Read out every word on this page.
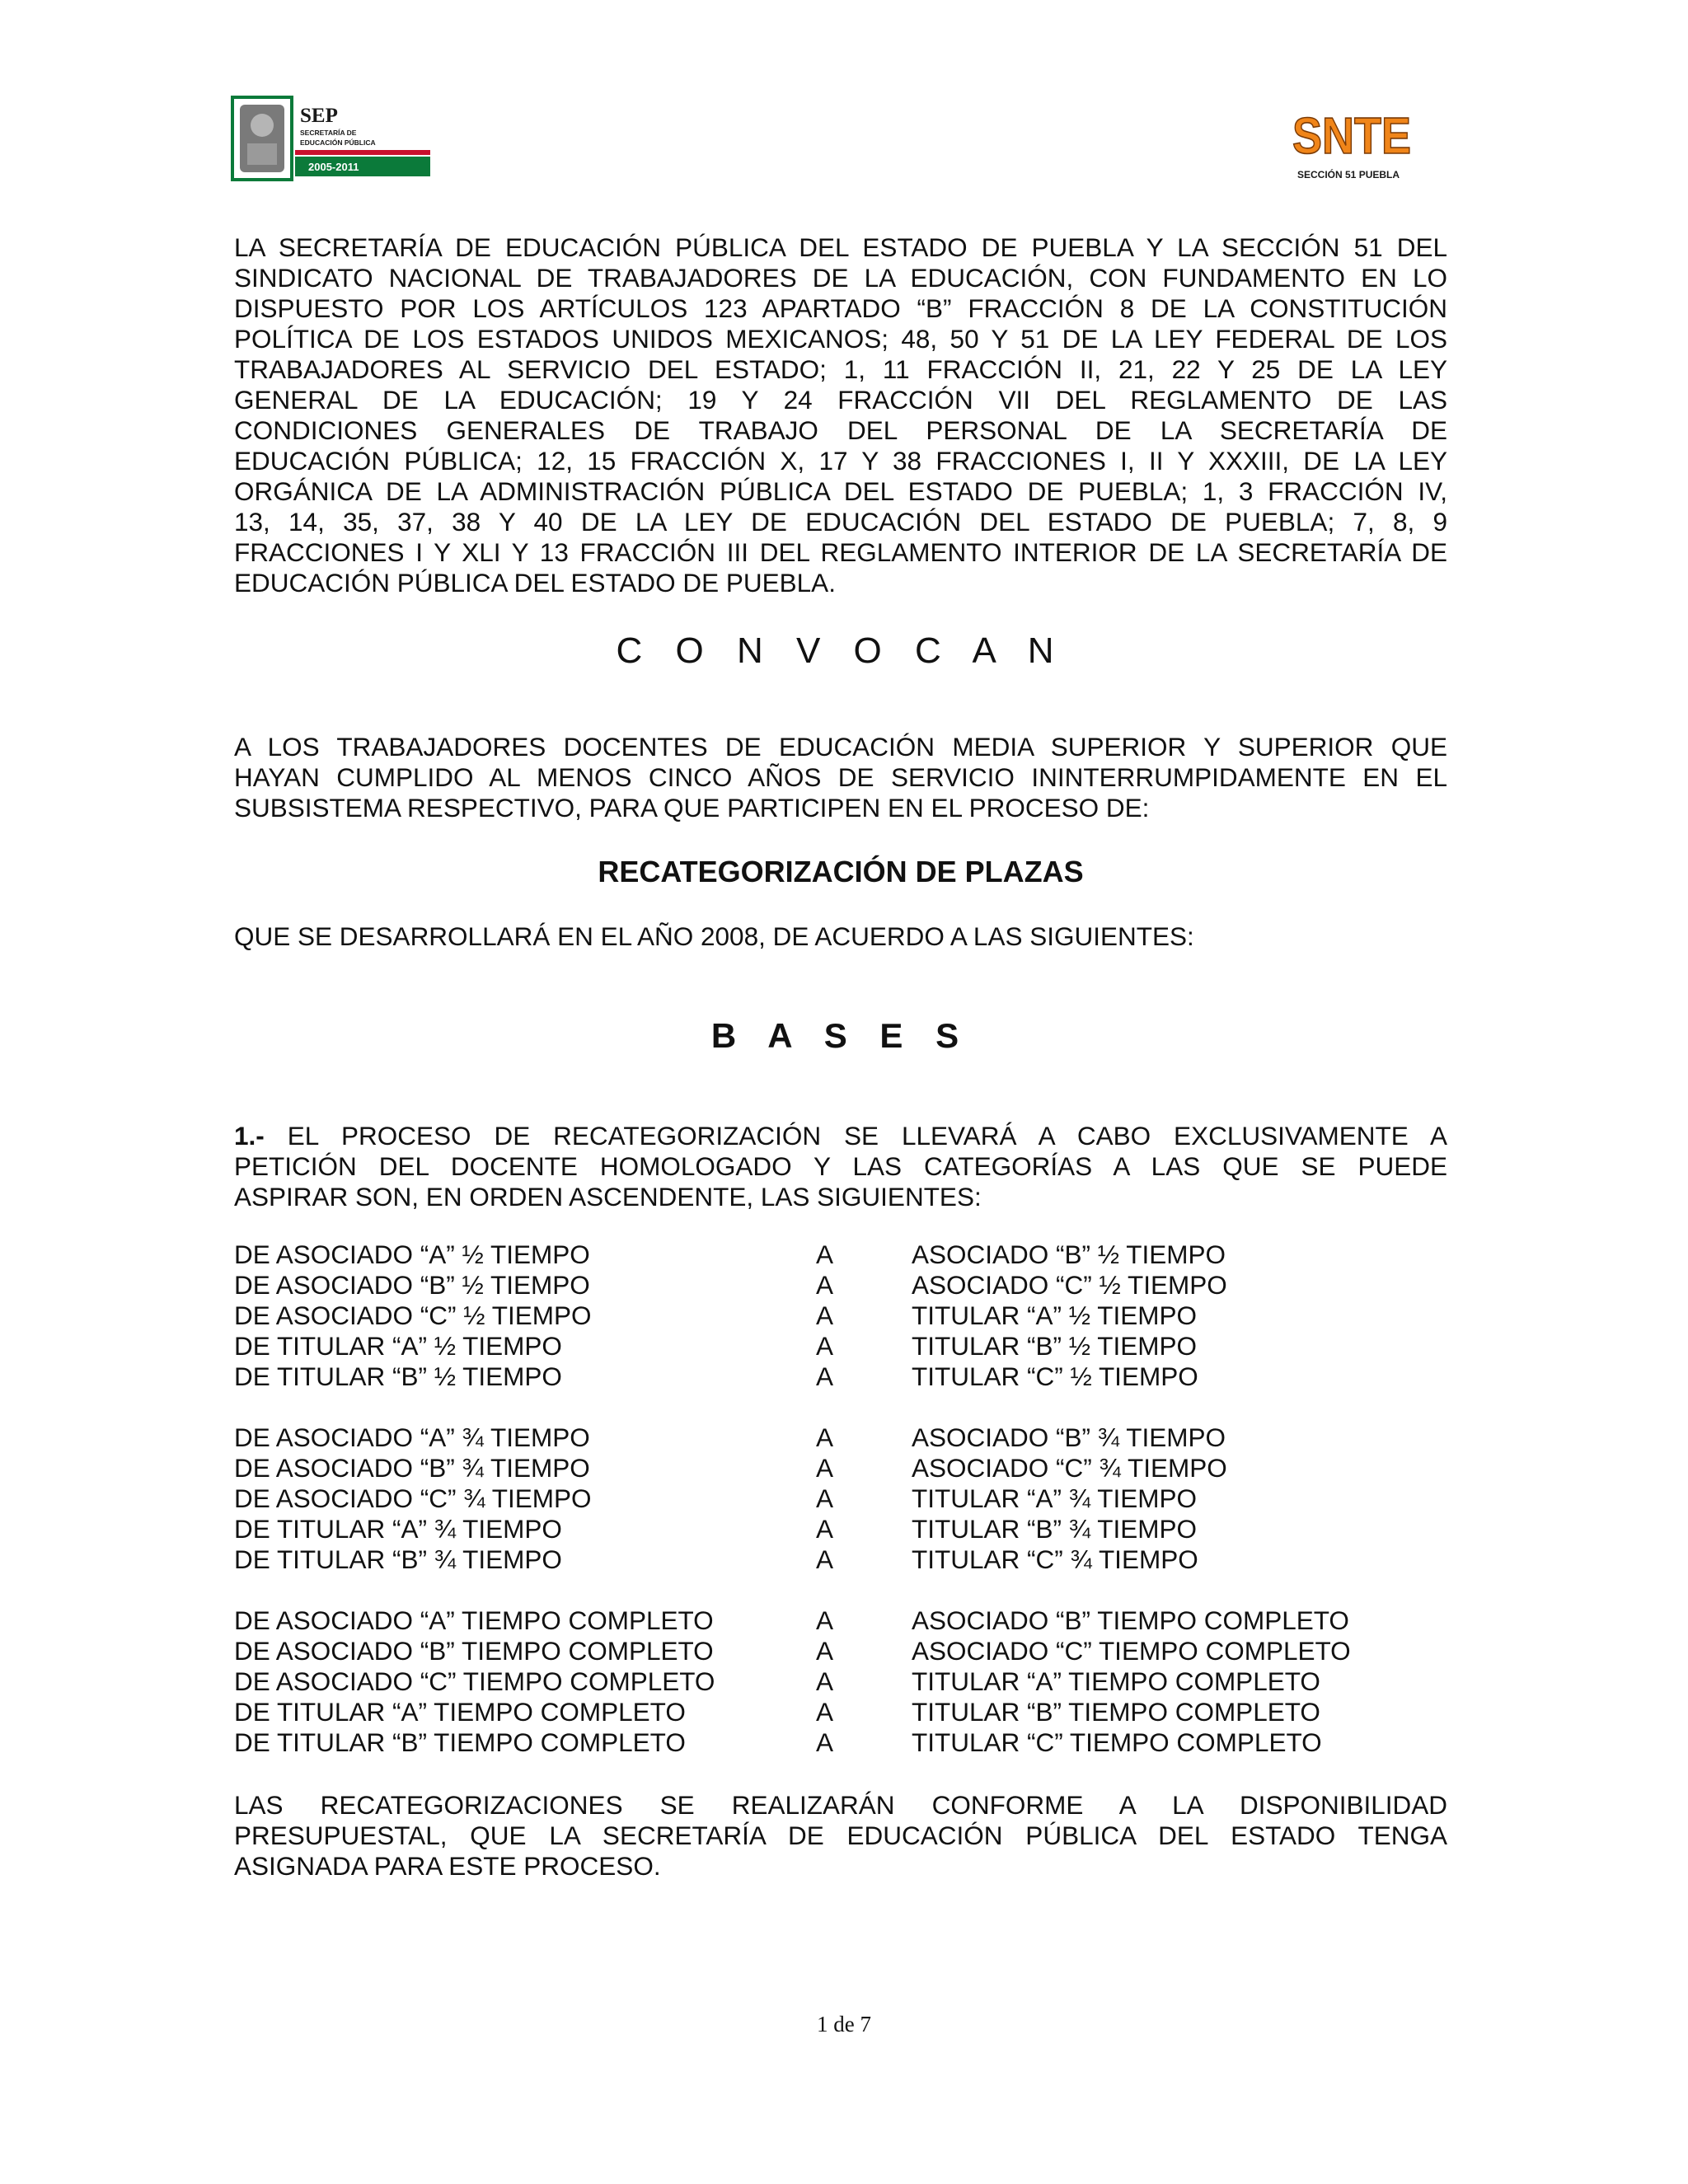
SEP
SECRETARÍA DE
EDUCACIÓN PÚBLICA
2005-2011
SNTE
SECCIÓN 51 PUEBLA
LA SECRETARÍA DE EDUCACIÓN PÚBLICA DEL ESTADO DE PUEBLA Y LA SECCIÓN 51 DEL
SINDICATO NACIONAL DE TRABAJADORES DE LA EDUCACIÓN, CON FUNDAMENTO EN LO
DISPUESTO POR LOS ARTÍCULOS 123 APARTADO “B” FRACCIÓN 8 DE LA CONSTITUCIÓN
POLÍTICA DE LOS ESTADOS UNIDOS MEXICANOS; 48, 50 Y 51 DE LA LEY FEDERAL DE LOS
TRABAJADORES AL SERVICIO DEL ESTADO; 1, 11 FRACCIÓN II, 21, 22 Y 25 DE LA LEY
GENERAL DE LA EDUCACIÓN; 19 Y 24 FRACCIÓN VII DEL REGLAMENTO DE LAS
CONDICIONES GENERALES DE TRABAJO DEL PERSONAL DE LA SECRETARÍA DE
EDUCACIÓN PÚBLICA; 12, 15 FRACCIÓN X, 17 Y 38 FRACCIONES I, II Y XXXIII, DE LA LEY
ORGÁNICA DE LA ADMINISTRACIÓN PÚBLICA DEL ESTADO DE PUEBLA; 1, 3 FRACCIÓN IV,
13, 14, 35, 37, 38 Y 40 DE LA LEY DE EDUCACIÓN DEL ESTADO DE PUEBLA; 7, 8, 9
FRACCIONES I Y XLI Y 13 FRACCIÓN III DEL REGLAMENTO INTERIOR DE LA SECRETARÍA DE
EDUCACIÓN PÚBLICA DEL ESTADO DE PUEBLA.
C O N V O C A N
A LOS TRABAJADORES DOCENTES DE EDUCACIÓN MEDIA SUPERIOR Y SUPERIOR QUE
HAYAN CUMPLIDO AL MENOS CINCO AÑOS DE SERVICIO ININTERRUMPIDAMENTE EN EL
SUBSISTEMA RESPECTIVO, PARA QUE PARTICIPEN EN EL PROCESO DE:
RECATEGORIZACIÓN DE PLAZAS

QUE SE DESARROLLARÁ EN EL AÑO 2008, DE ACUERDO A LAS SIGUIENTES:

B A S E S
1.- EL PROCESO DE RECATEGORIZACIÓN SE LLEVARÁ A CABO EXCLUSIVAMENTE A
PETICIÓN DEL DOCENTE HOMOLOGADO Y LAS CATEGORÍAS A LAS QUE SE PUEDE
ASPIRAR SON, EN ORDEN ASCENDENTE, LAS SIGUIENTES:
DE ASOCIADO “A” ½ TIEMPO	A	ASOCIADO “B” ½ TIEMPO
DE ASOCIADO “B” ½ TIEMPO	A	ASOCIADO “C” ½ TIEMPO
DE ASOCIADO “C” ½ TIEMPO	A	TITULAR “A” ½ TIEMPO
DE TITULAR “A” ½ TIEMPO	A	TITULAR “B” ½ TIEMPO
DE TITULAR “B” ½ TIEMPO	A	TITULAR “C” ½ TIEMPO
DE ASOCIADO “A” ¾ TIEMPO	A	ASOCIADO “B” ¾ TIEMPO
DE ASOCIADO “B” ¾ TIEMPO	A	ASOCIADO “C” ¾ TIEMPO
DE ASOCIADO “C” ¾ TIEMPO	A	TITULAR “A” ¾ TIEMPO
DE TITULAR “A” ¾ TIEMPO	A	TITULAR “B” ¾ TIEMPO
DE TITULAR “B” ¾ TIEMPO	A	TITULAR “C” ¾ TIEMPO
DE ASOCIADO “A” TIEMPO COMPLETO	A	ASOCIADO “B” TIEMPO COMPLETO
DE ASOCIADO “B” TIEMPO COMPLETO	A	ASOCIADO “C” TIEMPO COMPLETO
DE ASOCIADO “C” TIEMPO COMPLETO	A	TITULAR “A” TIEMPO COMPLETO
DE TITULAR “A” TIEMPO COMPLETO	A	TITULAR “B” TIEMPO COMPLETO
DE TITULAR “B” TIEMPO COMPLETO	A	TITULAR “C” TIEMPO COMPLETO
LAS RECATEGORIZACIONES SE REALIZARÁN CONFORME A LA DISPONIBILIDAD
PRESUPUESTAL, QUE LA SECRETARÍA DE EDUCACIÓN PÚBLICA DEL ESTADO TENGA
ASIGNADA PARA ESTE PROCESO.

1 de 7
